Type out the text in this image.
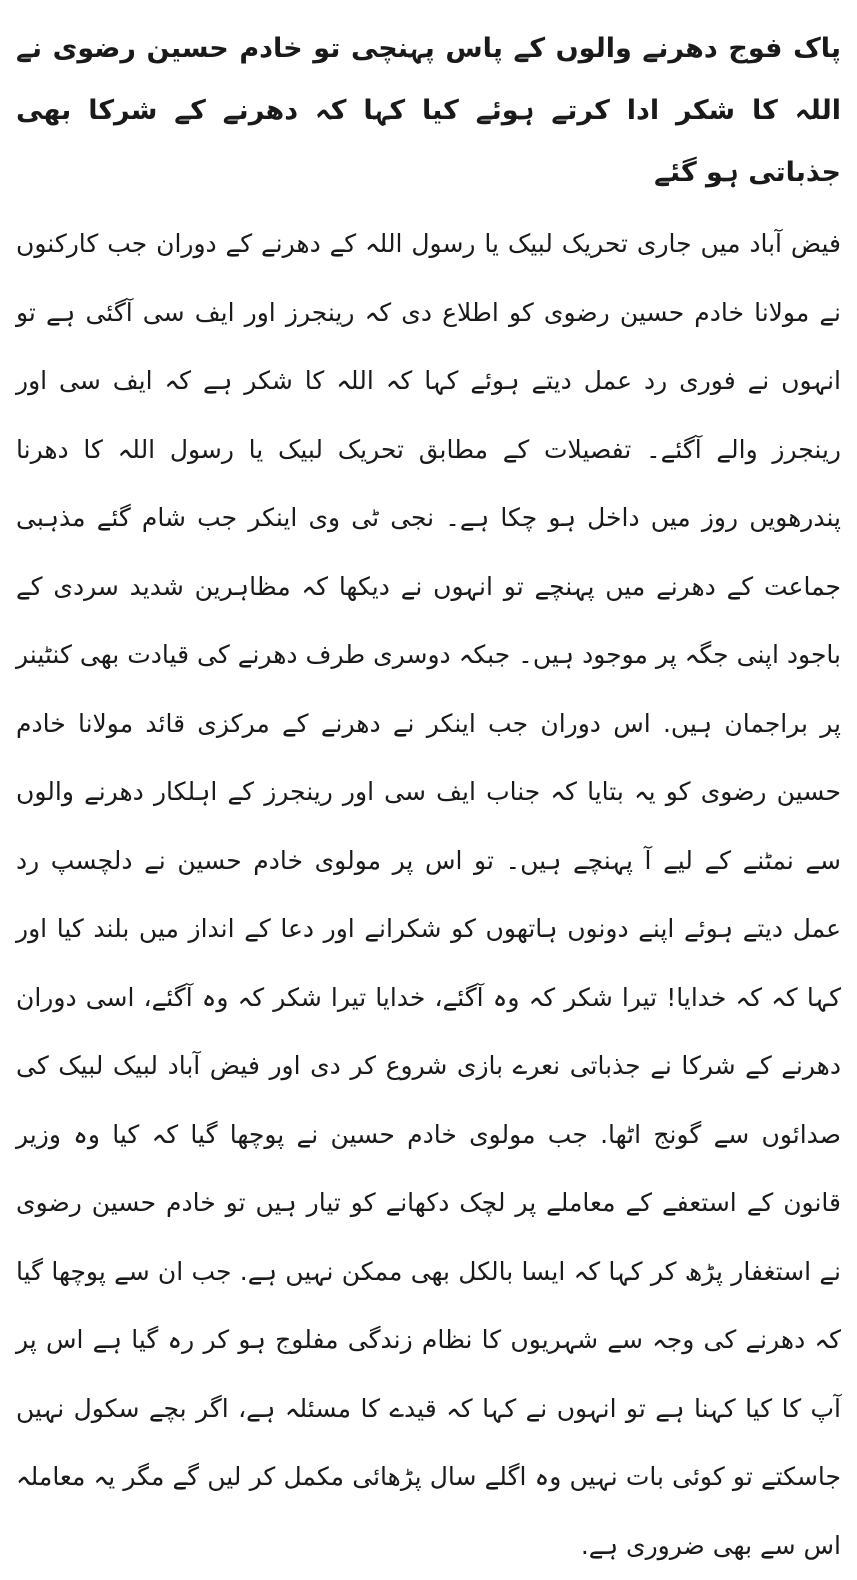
پاک فوج دھرنے والوں کے پاس پہنچی تو خادم حسین رضوی نے اللہ کا شکر ادا کرتے ہوئے کیا کہا کہ دھرنے کے شرکا بھی جذباتی ہو گئے

فیض آباد میں جاری تحریک لبیک یا رسول اللہ کے دھرنے کے دوران جب کارکنوں نے مولانا خادم حسین رضوی کو اطلاع دی کہ رینجرز اور ایف سی آگئی ہے تو انہوں نے فوری رد عمل دیتے ہوئے کہا کہ اللہ کا شکر ہے کہ ایف سی اور رینجرز والے آگئے۔ تفصیلات کے مطابق تحریک لبیک یا رسول اللہ کا دھرنا پندرھویں روز میں داخل ہو چکا ہے۔ نجی ٹی وی اینکر جب شام گئے مذہبی جماعت کے دھرنے میں پہنچے تو انہوں نے دیکھا کہ مظاہرین شدید سردی کے باجود اپنی جگہ پر موجود ہیں۔ جبکہ دوسری طرف دھرنے کی قیادت بھی کنٹینر پر براجمان ہیں. اس دوران جب اینکر نے دھرنے کے مرکزی قائد مولانا خادم حسین رضوی کو یہ بتایا کہ جناب ایف سی اور رینجرز کے اہلکار دھرنے والوں سے نمٹنے کے لیے آ پہنچے ہیں۔ تو اس پر مولوی خادم حسین نے دلچسپ رد عمل دیتے ہوئے اپنے دونوں ہاتھوں کو شکرانے اور دعا کے انداز میں بلند کیا اور کہا کہ کہ خدایا! تیرا شکر کہ وہ آگئے، خدایا تیرا شکر کہ وہ آگئے، اسی دوران دھرنے کے شرکا نے جذباتی نعرے بازی شروع کر دی اور فیض آباد لبیک لبیک کی صدائوں سے گونج اٹھا. جب مولوی خادم حسین نے پوچھا گیا کہ کیا وہ وزیر قانون کے استعفے کے معاملے پر لچک دکھانے کو تیار ہیں تو خادم حسین رضوی نے استغفار پڑھ کر کہا کہ ایسا بالکل بھی ممکن نہیں ہے. جب ان سے پوچھا گیا کہ دھرنے کی وجہ سے شہریوں کا نظام زندگی مفلوج ہو کر رہ گیا ہے اس پر آپ کا کیا کہنا ہے تو انہوں نے کہا کہ قیدے کا مسئلہ ہے، اگر بچے سکول نہیں جاسکتے تو کوئی بات نہیں وہ اگلے سال پڑھائی مکمل کر لیں گے مگر یہ معاملہ اس سے بھی ضروری ہے.
